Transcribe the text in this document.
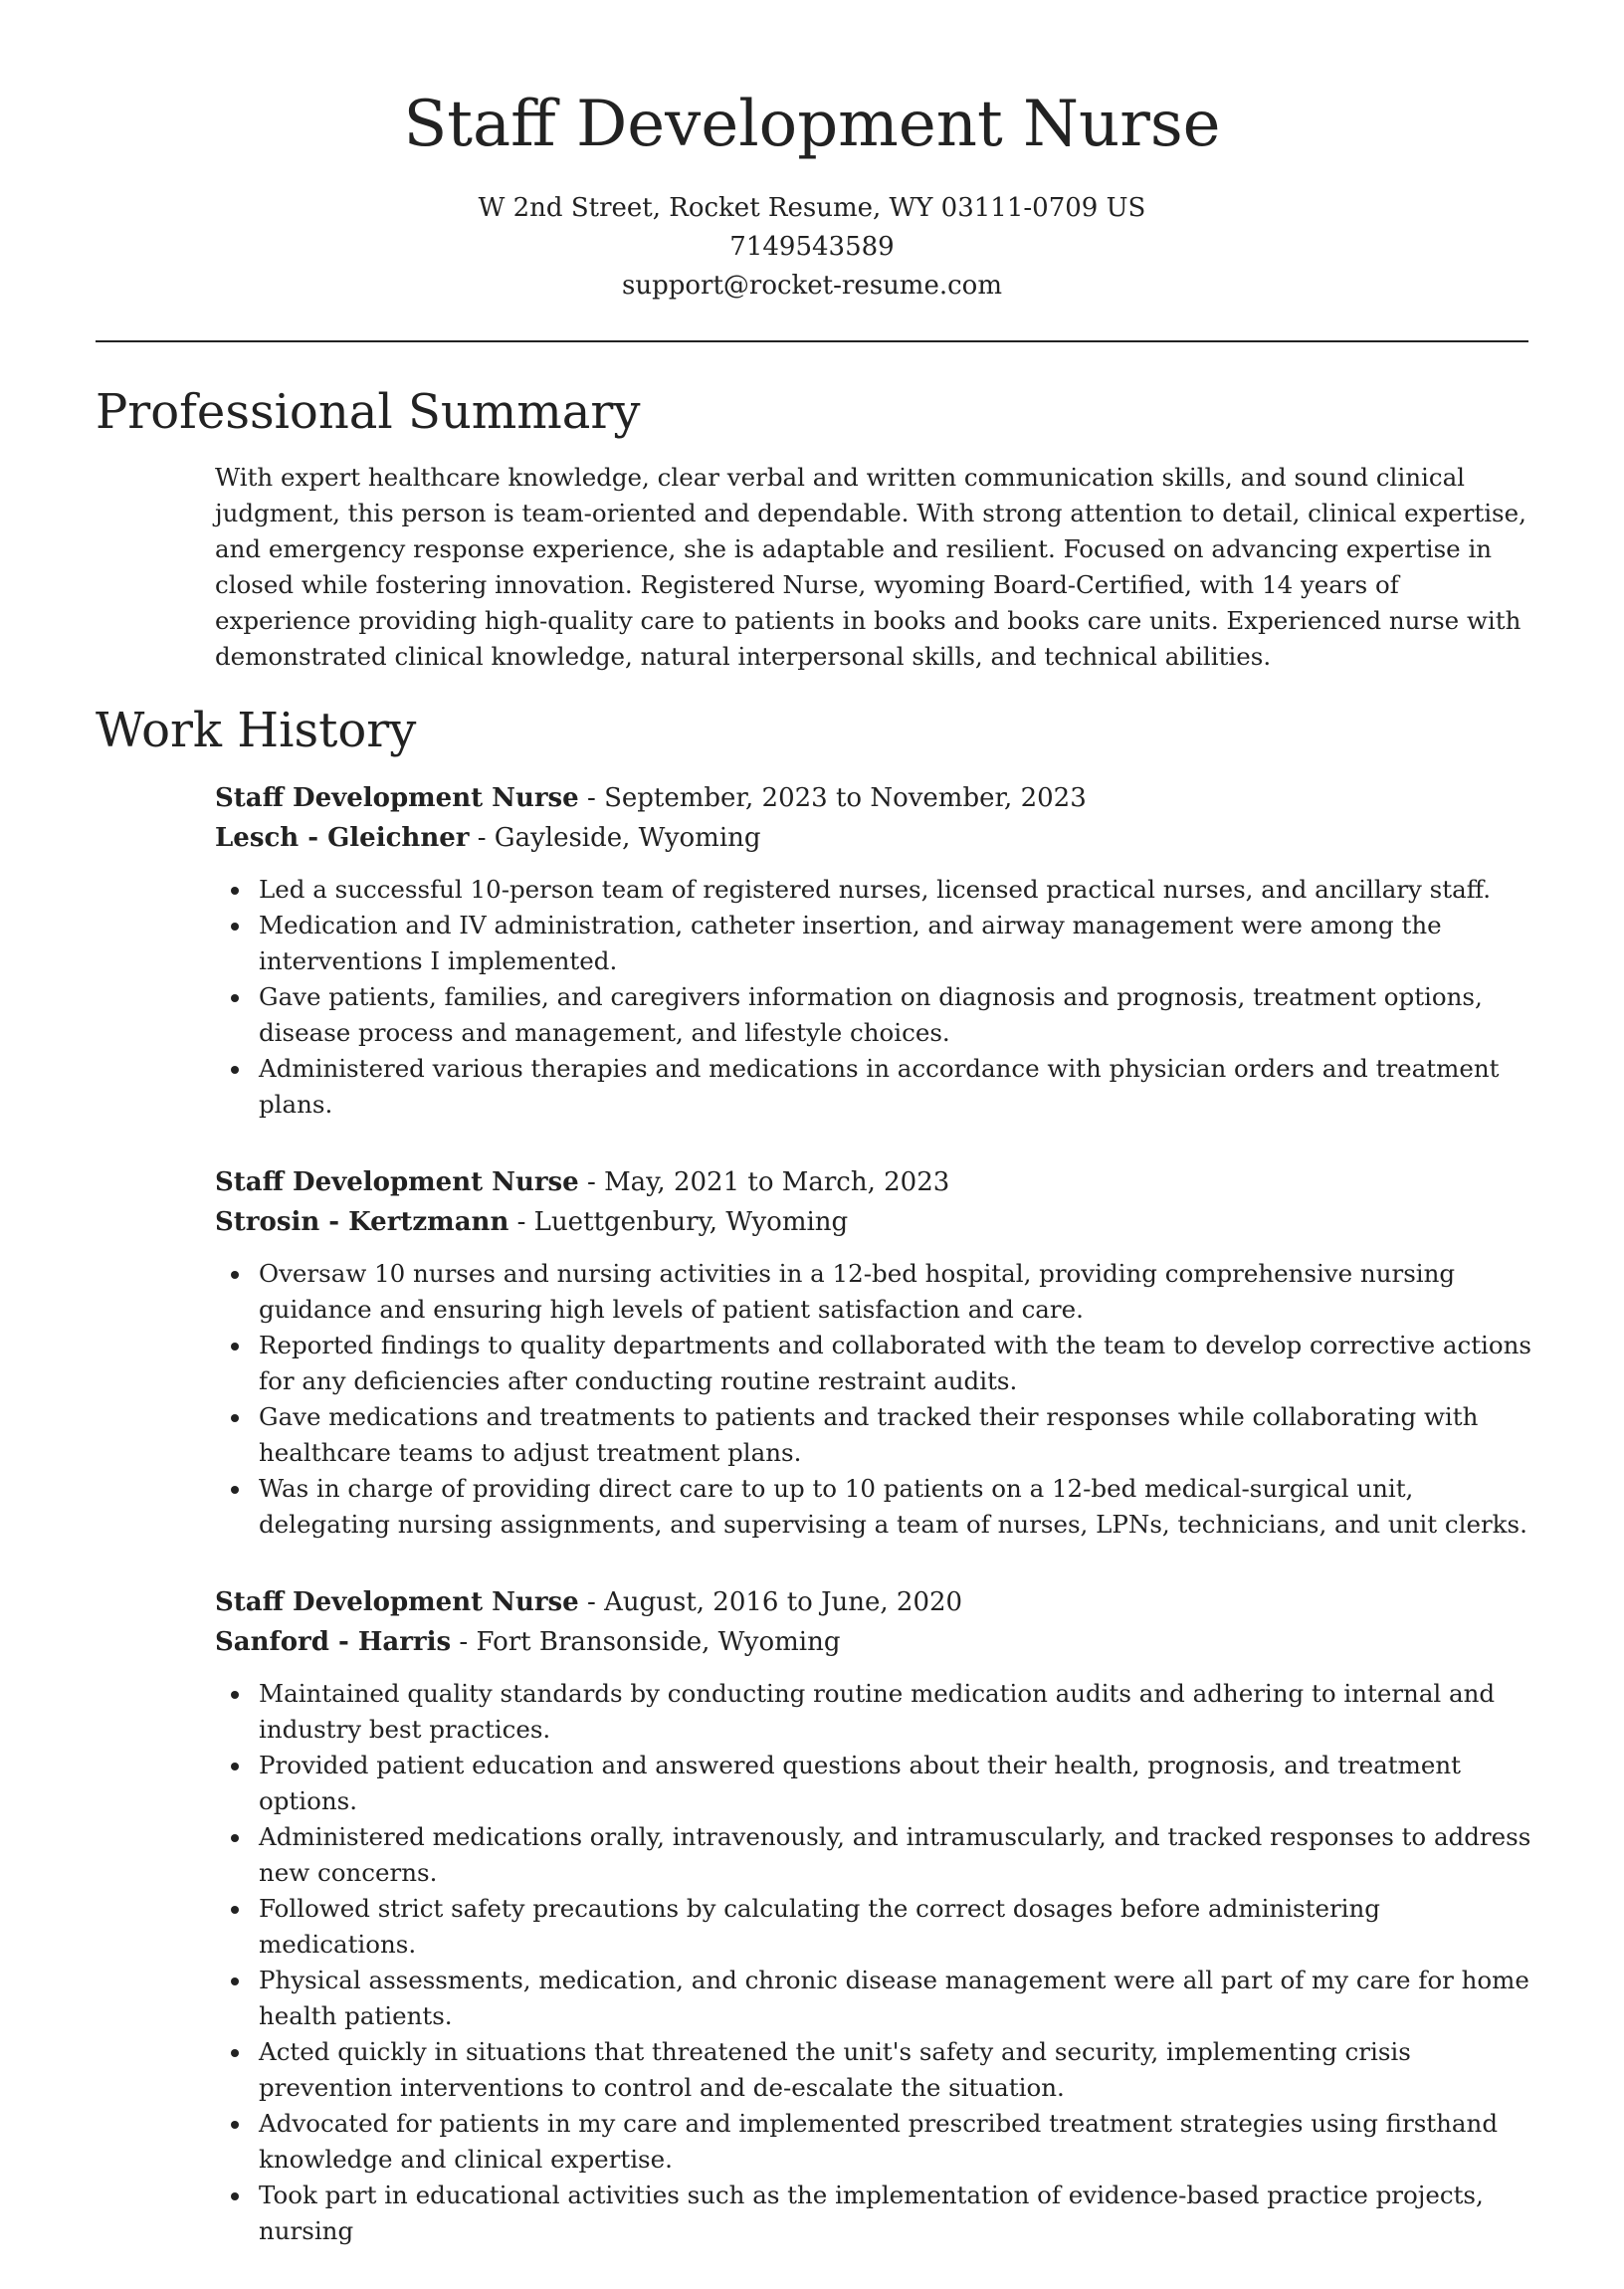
Staff Development Nurse
W 2nd Street, Rocket Resume, WY 03111-0709 US
7149543589
support@rocket-resume.com
Professional Summary

With expert healthcare knowledge, clear verbal and written communication skills, and sound clinical judgment, this person is team-oriented and dependable. With strong attention to detail, clinical expertise, and emergency response experience, she is adaptable and resilient. Focused on advancing expertise in closed while fostering innovation. Registered Nurse, wyoming Board-Certified, with 14 years of experience providing high-quality care to patients in books and books care units. Experienced nurse with demonstrated clinical knowledge, natural interpersonal skills, and technical abilities.

Work History
Staff Development Nurse - September, 2023 to November, 2023
Lesch - Gleichner - Gayleside, Wyoming
Led a successful 10-person team of registered nurses, licensed practical nurses, and ancillary staff.
Medication and IV administration, catheter insertion, and airway management were among the interventions I implemented.
Gave patients, families, and caregivers information on diagnosis and prognosis, treatment options, disease process and management, and lifestyle choices.
Administered various therapies and medications in accordance with physician orders and treatment plans.
Staff Development Nurse - May, 2021 to March, 2023
Strosin - Kertzmann - Luettgenbury, Wyoming
Oversaw 10 nurses and nursing activities in a 12-bed hospital, providing comprehensive nursing guidance and ensuring high levels of patient satisfaction and care.
Reported findings to quality departments and collaborated with the team to develop corrective actions for any deficiencies after conducting routine restraint audits.
Gave medications and treatments to patients and tracked their responses while collaborating with healthcare teams to adjust treatment plans.
Was in charge of providing direct care to up to 10 patients on a 12-bed medical-surgical unit, delegating nursing assignments, and supervising a team of nurses, LPNs, technicians, and unit clerks.
Staff Development Nurse - August, 2016 to June, 2020
Sanford - Harris - Fort Bransonside, Wyoming
Maintained quality standards by conducting routine medication audits and adhering to internal and industry best practices.
Provided patient education and answered questions about their health, prognosis, and treatment options.
Administered medications orally, intravenously, and intramuscularly, and tracked responses to address new concerns.
Followed strict safety precautions by calculating the correct dosages before administering medications.
Physical assessments, medication, and chronic disease management were all part of my care for home health patients.
Acted quickly in situations that threatened the unit's safety and security, implementing crisis prevention interventions to control and de-escalate the situation.
Advocated for patients in my care and implemented prescribed treatment strategies using firsthand knowledge and clinical expertise.
Took part in educational activities such as the implementation of evidence-based practice projects, nursing
